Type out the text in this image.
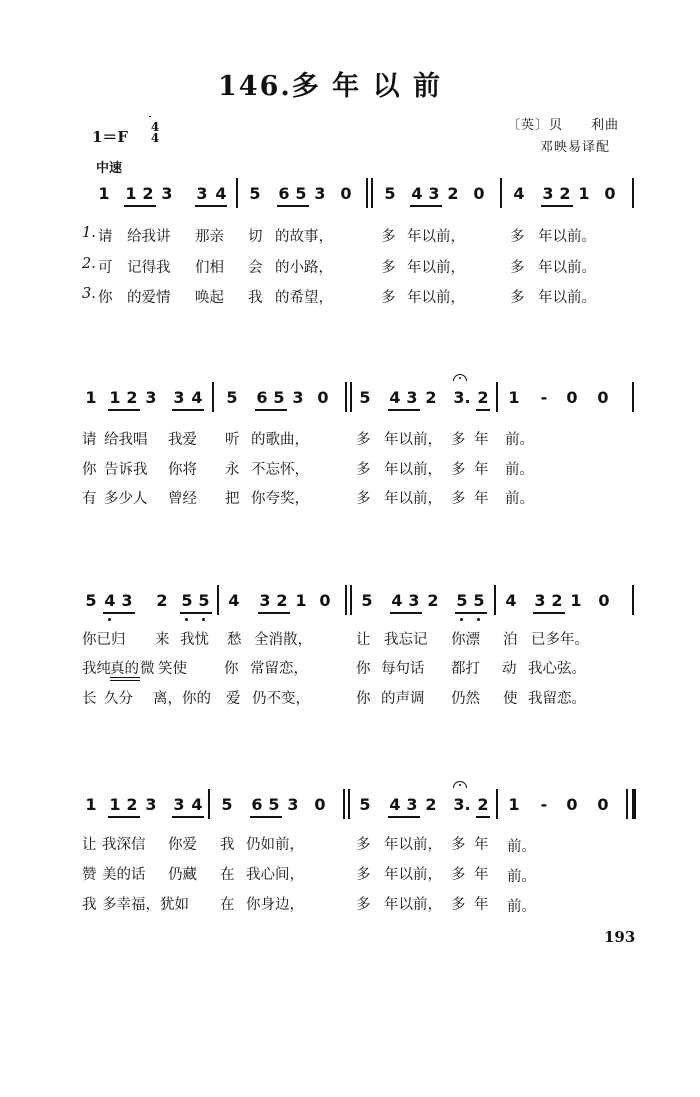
146.多 年 以 前
〔英〕贝　　利曲
邓映易译配
1＝F
4
4
中速
1 1 2 3 3 4 5 6 5 3 0 5 4 3 2 0 4 3 2 1 0
1. 请 给我讲 那亲 切 的故事，	多 年以前，	多 年以前。
2. 可 记得我 们相 会 的小路，	多 年以前，	多 年以前。
3. 你 的爱情 唤起 我 的希望，	多 年以前，	多 年以前。
1 1 2 3 3 4 5 6 5 3 0 5 4 3 2 3. 2 1 - 0 0
请 给我唱 我爱 听 的歌曲，	多 年以前， 多 年 前。
你 告诉我 你将 永 不忘怀，	多 年以前， 多 年 前。
有 多少人 曾经 把 你夸奖，	多 年以前， 多 年 前。
5 4 3 2 5 5 4 3 2 1 0 5 4 3 2 5 5 4 3 2 1 0
你已归 来 我忧 愁 全消散，	让 我忘记 你漂 泊 已多年。
我纯 真的 微 笑使	你 常留恋，	你 每句话 都打 动 我心弦。
长 久分 离，你的 爱 仍不变，	你 的声调 仍然 使 我留恋。
1 1 2 3 3 4 5 6 5 3 0 5 4 3 2 3. 2 1 - 0 0
让 我深信 你爱 我 仍如前，	多 年以前， 多 年 前。
赞 美的话 仍藏 在 我心间，	多 年以前， 多 年 前。
我 多幸福，犹如 在 你身边，	多 年以前， 多 年 前。
193
